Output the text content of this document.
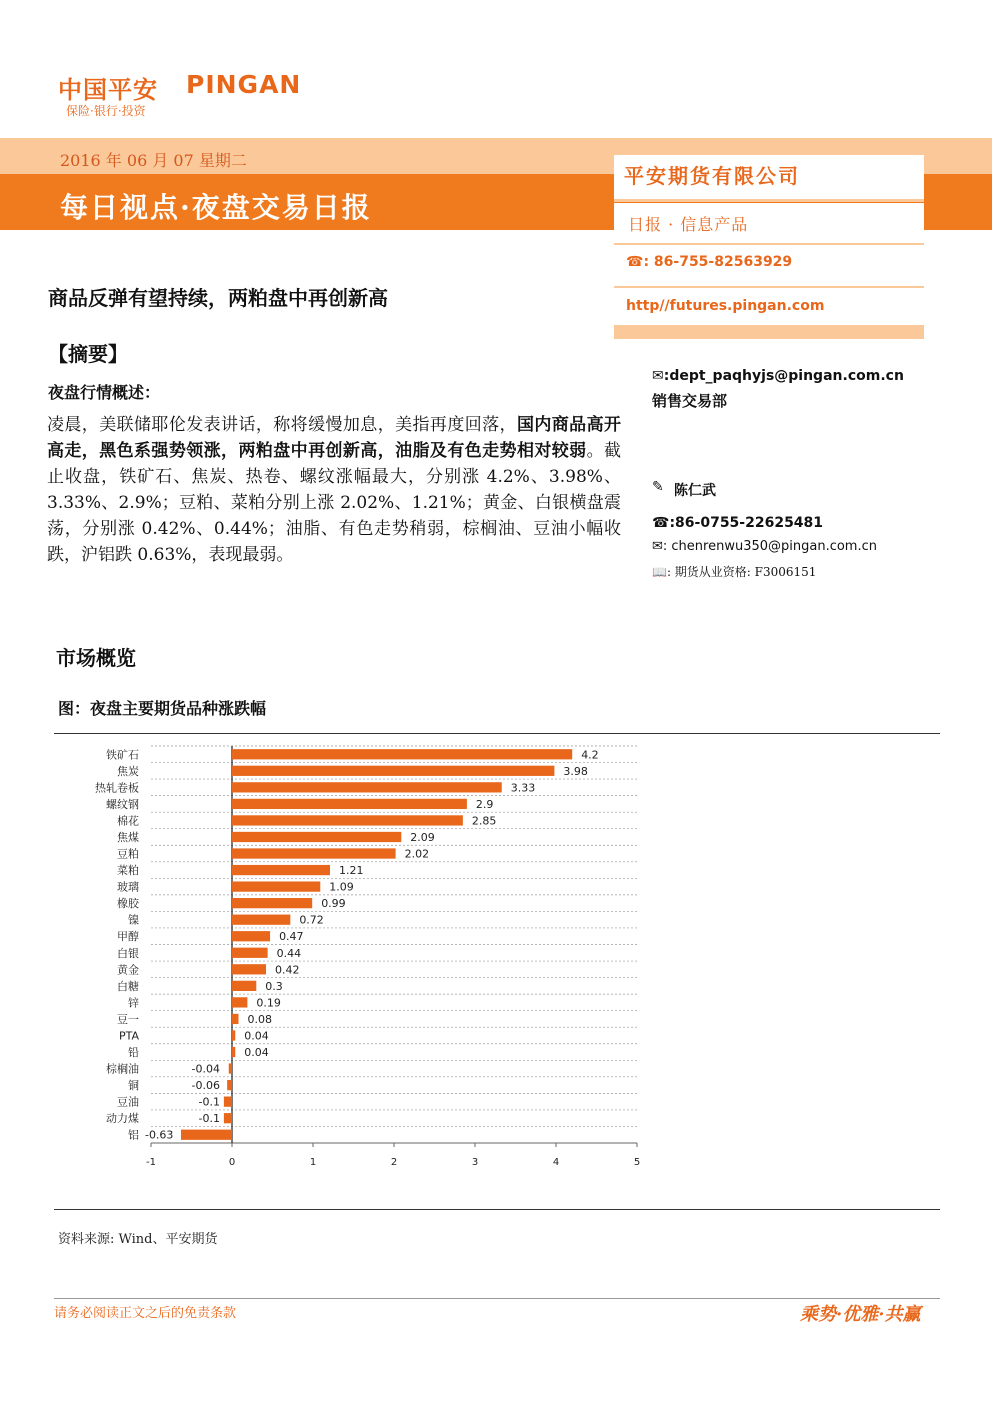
中国平安 PINGAN
保险·银行·投资
2016 年 06 月 07 星期二
每日视点·夜盘交易日报
平安期货有限公司
日报 · 信息产品
☎: 86-755-82563929
http//futures.pingan.com
✉:dept_paqhyjs@pingan.com.cn
销售交易部
✎ 陈仁武
☎:86-0755-22625481
✉: chenrenwu350@pingan.com.cn
📖: 期货从业资格: F3006151
商品反弹有望持续，两粕盘中再创新高
【摘要】
夜盘行情概述：
凌晨，美联储耶伦发表讲话，称将缓慢加息，美指再度回落，国内商品高开高走，黑色系强势领涨，两粕盘中再创新高，油脂及有色走势相对较弱。截止收盘，铁矿石、焦炭、热卷、螺纹涨幅最大，分别涨 4.2%、3.98%、3.33%、2.9%；豆粕、菜粕分别上涨 2.02%、1.21%；黄金、白银横盘震荡，分别涨 0.42%、0.44%；油脂、有色走势稍弱，棕榈油、豆油小幅收跌，沪铝跌 0.63%，表现最弱。
市场概览
图：夜盘主要期货品种涨跌幅
-1	0	1	2	3	4	5
铁矿石	4.2
焦炭	3.98
热轧卷板	3.33
螺纹钢	2.9
棉花	2.85
焦煤	2.09
豆粕	2.02
菜粕	1.21
玻璃	1.09
橡胶	0.99
镍	0.72
甲醇	0.47
白银	0.44
黄金	0.42
白糖	0.3
锌	0.19
豆一	0.08
PTA	0.04
铅	0.04
棕榈油	-0.04
铜	-0.06
豆油	-0.1
动力煤	-0.1
铝 -0.63
资料来源: Wind、平安期货
请务必阅读正文之后的免责条款	乘势·优雅·共赢
